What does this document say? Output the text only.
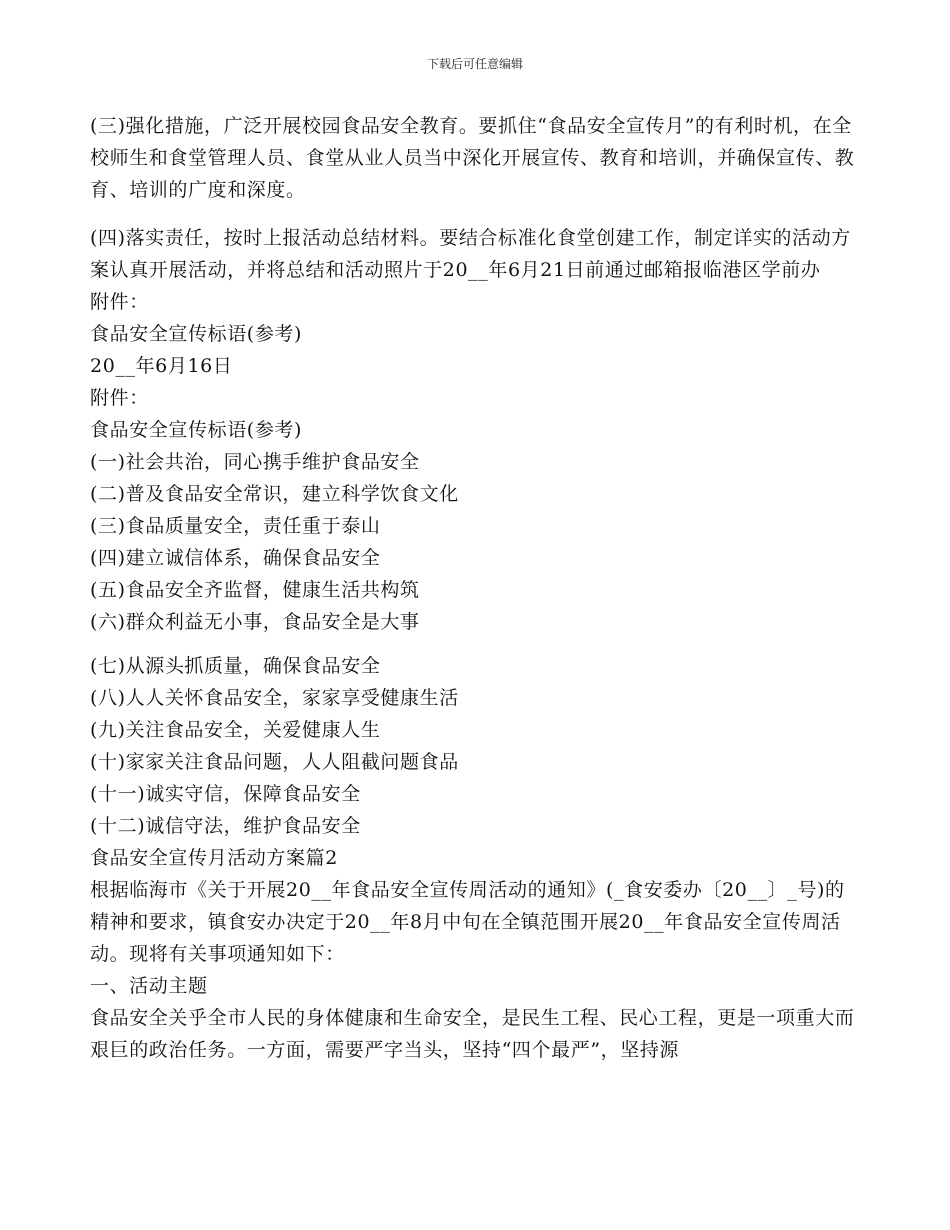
下载后可任意编辑

(三)强化措施，广泛开展校园食品安全教育。要抓住“食品安全宣传月”的有利时机，在全校师生和食堂管理人员、食堂从业人员当中深化开展宣传、教育和培训，并确保宣传、教育、培训的广度和深度。

(四)落实责任，按时上报活动总结材料。要结合标准化食堂创建工作，制定详实的活动方案认真开展活动，并将总结和活动照片于20__年6月21日前通过邮箱报临港区学前办

附件：

食品安全宣传标语(参考)

20__年6月16日

附件：

食品安全宣传标语(参考)

(一)社会共治，同心携手维护食品安全

(二)普及食品安全常识，建立科学饮食文化

(三)食品质量安全，责任重于泰山

(四)建立诚信体系，确保食品安全

(五)食品安全齐监督，健康生活共构筑

(六)群众利益无小事，食品安全是大事

(七)从源头抓质量，确保食品安全

(八)人人关怀食品安全，家家享受健康生活

(九)关注食品安全，关爱健康人生

(十)家家关注食品问题，人人阻截问题食品

(十一)诚实守信，保障食品安全

(十二)诚信守法，维护食品安全

食品安全宣传月活动方案篇2

根据临海市《关于开展20__年食品安全宣传周活动的通知》(_食安委办〔20__〕_号)的精神和要求，镇食安办决定于20__年8月中旬在全镇范围开展20__年食品安全宣传周活动。现将有关事项通知如下：

一、活动主题

食品安全关乎全市人民的身体健康和生命安全，是民生工程、民心工程，更是一项重大而艰巨的政治任务。一方面，需要严字当头，坚持“四个最严”，坚持源
